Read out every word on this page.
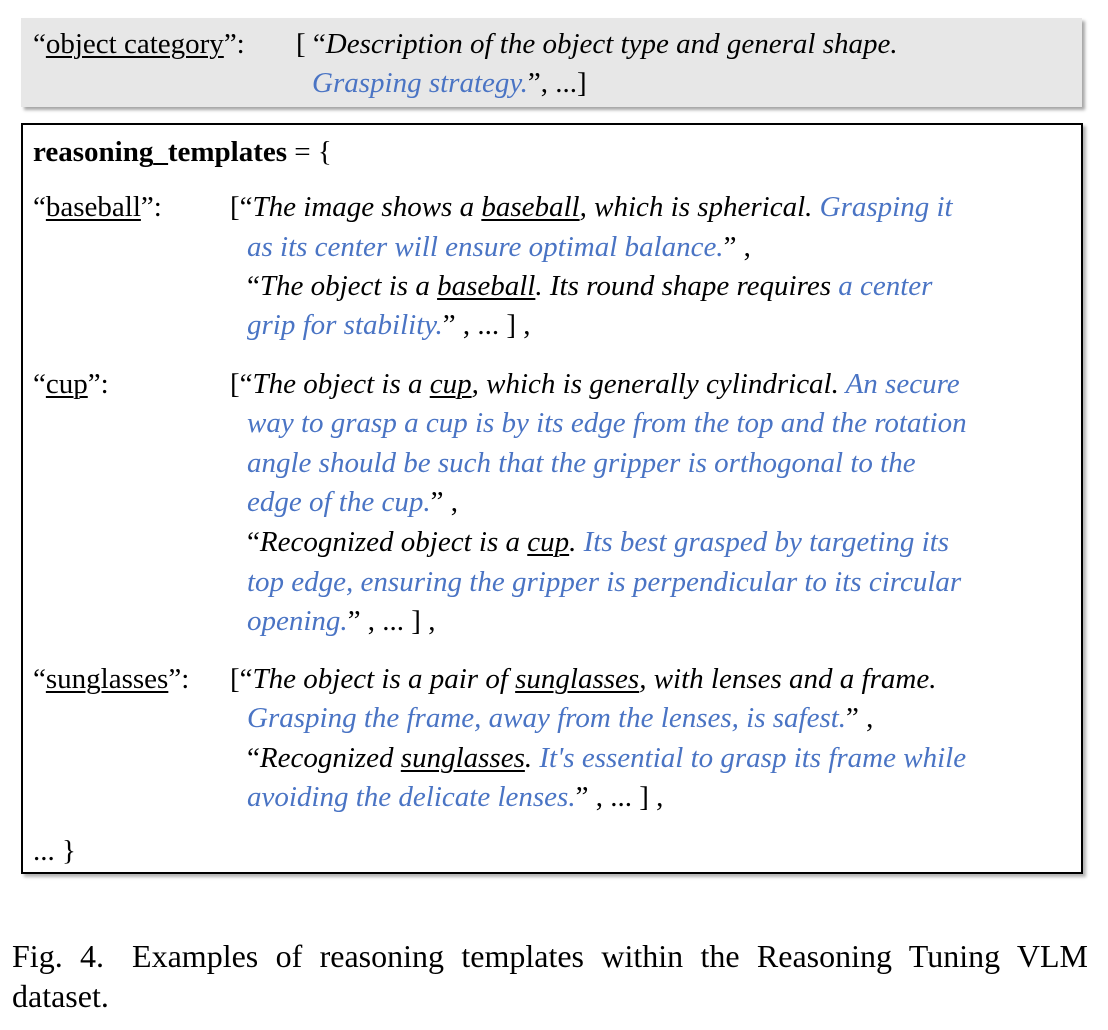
“object category”: [ “Description of the object type and general shape.
Grasping strategy.”, ...]
reasoning_templates = {
“baseball”: [“The image shows a baseball, which is spherical. Grasping it
as its center will ensure optimal balance.” ,
“The object is a baseball. Its round shape requires a center
grip for stability.” , ... ] ,
“cup”:	[“The object is a cup, which is generally cylindrical. An secure
way to grasp a cup is by its edge from the top and the rotation
angle should be such that the gripper is orthogonal to the
edge of the cup.” ,
“Recognized object is a cup. Its best grasped by targeting its
top edge, ensuring the gripper is perpendicular to its circular
opening.” , ... ] ,
“sunglasses”: [“The object is a pair of sunglasses, with lenses and a frame.
Grasping the frame, away from the lenses, is safest.” ,
“Recognized sunglasses. It's essential to grasp its frame while
avoiding the delicate lenses.” , ... ] ,
... }
Fig. 4. Examples of reasoning templates within the Reasoning Tuning VLM dataset.
